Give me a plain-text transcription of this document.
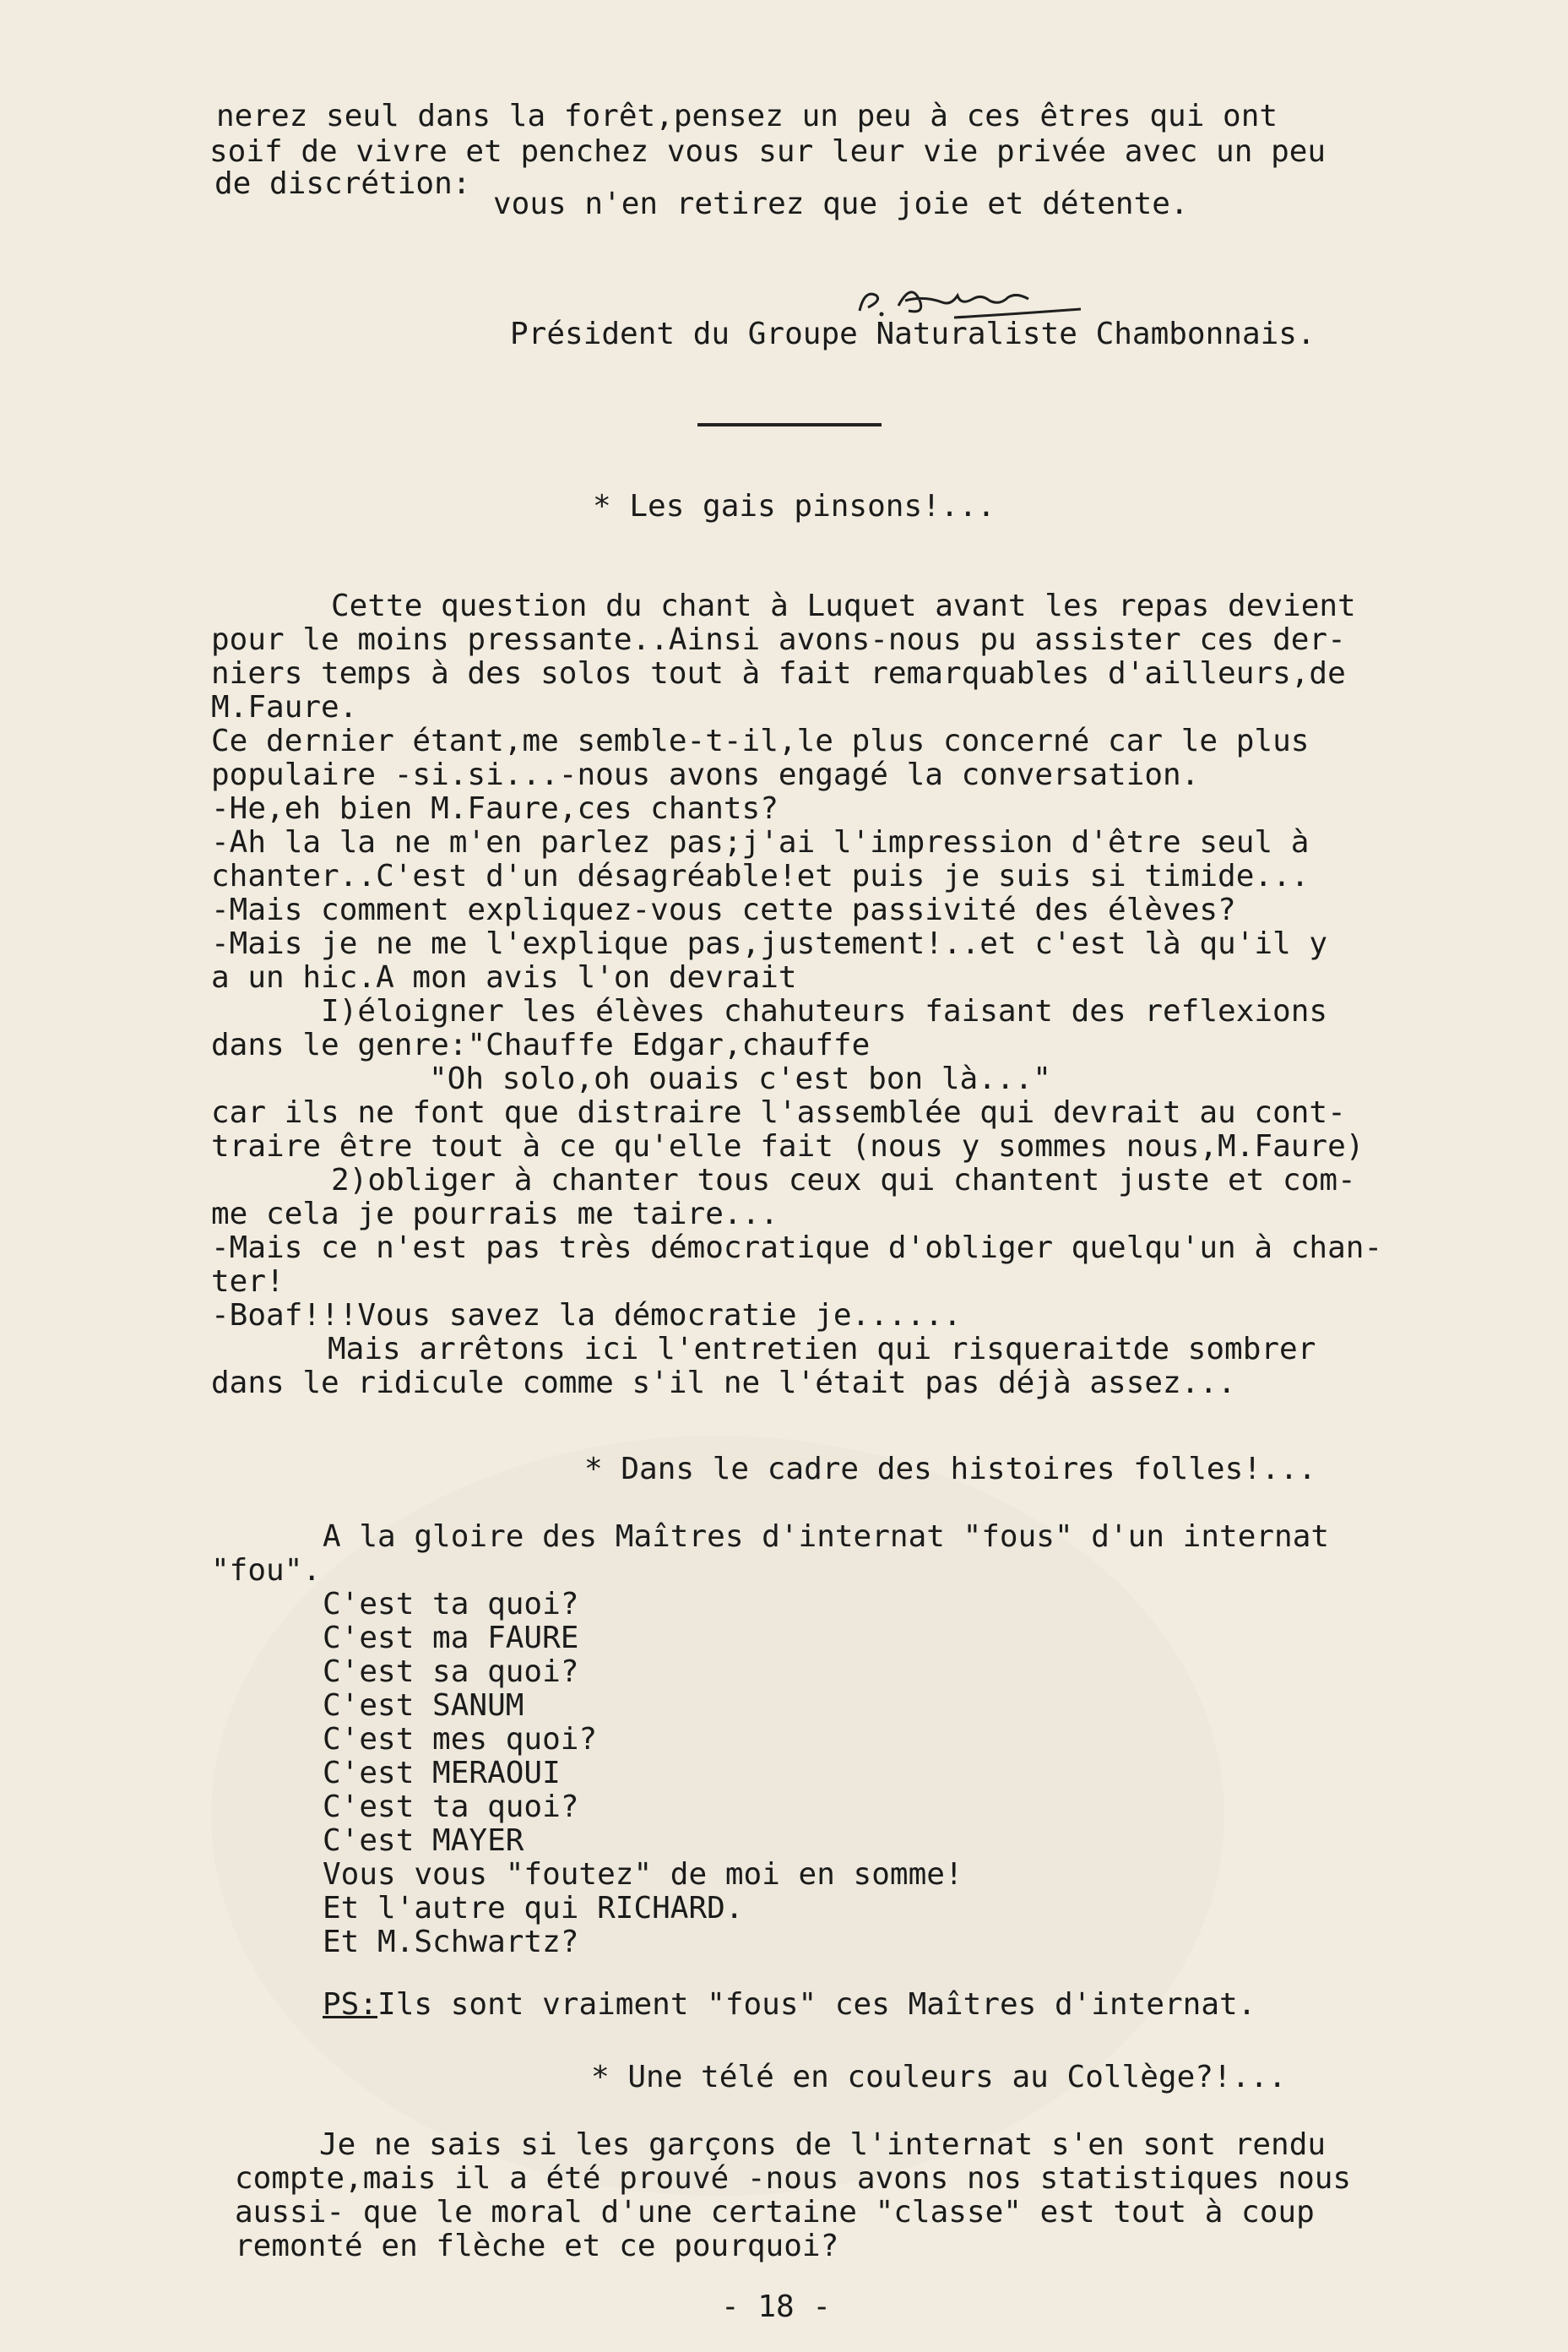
nerez seul dans la forêt,pensez un peu à ces êtres qui ont

soif de vivre et penchez vous sur leur vie privée avec un peu

de discrétion:

vous n'en retirez que joie et détente.

Président du Groupe Naturaliste Chambonnais.

* Les gais pinsons!...

Cette question du chant à Luquet avant les repas devient

pour le moins pressante..Ainsi avons-nous pu assister ces der-

niers temps à des solos tout à fait remarquables d'ailleurs,de

M.Faure.

Ce dernier étant,me semble-t-il,le plus concerné car le plus

populaire -si.si...-nous avons engagé la conversation.

-He,eh bien M.Faure,ces chants?

-Ah la la ne m'en parlez pas;j'ai l'impression d'être seul à

chanter..C'est d'un désagréable!et puis je suis si timide...

-Mais comment expliquez-vous cette passivité des élèves?

-Mais je ne me l'explique pas,justement!..et c'est là qu'il y

a un hic.A mon avis l'on devrait

I)éloigner les élèves chahuteurs faisant des reflexions

dans le genre:"Chauffe Edgar,chauffe

"Oh solo,oh ouais c'est bon là..."

car ils ne font que distraire l'assemblée qui devrait au cont-

traire être tout à ce qu'elle fait (nous y sommes nous,M.Faure)

2)obliger à chanter tous ceux qui chantent juste et com-

me cela je pourrais me taire...

-Mais ce n'est pas très démocratique d'obliger quelqu'un à chan-

ter!

-Boaf!!!Vous savez la démocratie je......

Mais arrêtons ici l'entretien qui risqueraitde sombrer

dans le ridicule comme s'il ne l'était pas déjà assez...

* Dans le cadre des histoires folles!...

A la gloire des Maîtres d'internat "fous" d'un internat

"fou".

C'est ta quoi?

C'est ma FAURE

C'est sa quoi?

C'est SANUM

C'est mes quoi?

C'est MERAOUI

C'est ta quoi?

C'est MAYER

Vous vous "foutez" de moi en somme!

Et l'autre qui RICHARD.

Et M.Schwartz?

PS:Ils sont vraiment "fous" ces Maîtres d'internat.

* Une télé en couleurs au Collège?!...

Je ne sais si les garçons de l'internat s'en sont rendu

compte,mais il a été prouvé -nous avons nos statistiques nous

aussi- que le moral d'une certaine "classe" est tout à coup

remonté en flèche et ce pourquoi?

- 18 -
